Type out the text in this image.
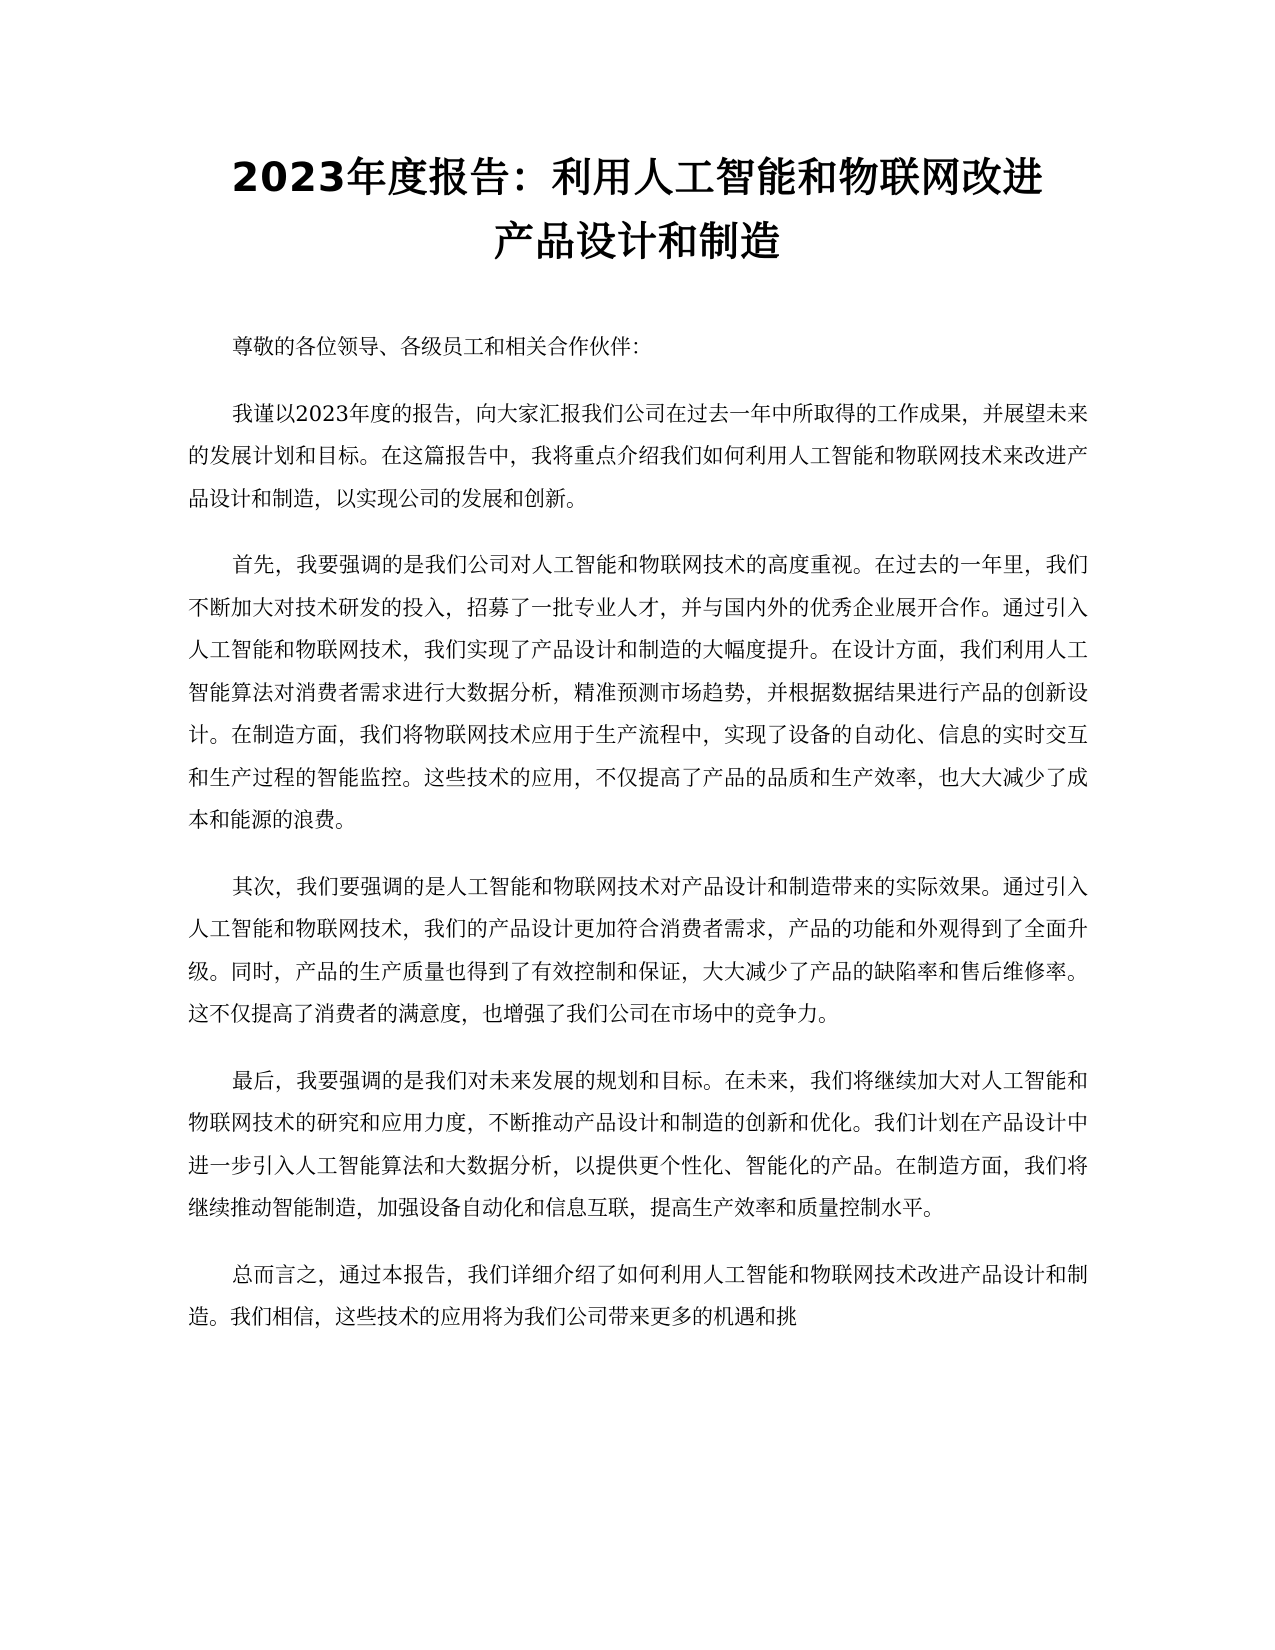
2023年度报告：利用人工智能和物联网改进
产品设计和制造

尊敬的各位领导、各级员工和相关合作伙伴：

我谨以2023年度的报告，向大家汇报我们公司在过去一年中所取得的工作成果，并展望未来的发展计划和目标。在这篇报告中，我将重点介绍我们如何利用人工智能和物联网技术来改进产品设计和制造，以实现公司的发展和创新。

首先，我要强调的是我们公司对人工智能和物联网技术的高度重视。在过去的一年里，我们不断加大对技术研发的投入，招募了一批专业人才，并与国内外的优秀企业展开合作。通过引入人工智能和物联网技术，我们实现了产品设计和制造的大幅度提升。在设计方面，我们利用人工智能算法对消费者需求进行大数据分析，精准预测市场趋势，并根据数据结果进行产品的创新设计。在制造方面，我们将物联网技术应用于生产流程中，实现了设备的自动化、信息的实时交互和生产过程的智能监控。这些技术的应用，不仅提高了产品的品质和生产效率，也大大减少了成本和能源的浪费。

其次，我们要强调的是人工智能和物联网技术对产品设计和制造带来的实际效果。通过引入人工智能和物联网技术，我们的产品设计更加符合消费者需求，产品的功能和外观得到了全面升级。同时，产品的生产质量也得到了有效控制和保证，大大减少了产品的缺陷率和售后维修率。这不仅提高了消费者的满意度，也增强了我们公司在市场中的竞争力。

最后，我要强调的是我们对未来发展的规划和目标。在未来，我们将继续加大对人工智能和物联网技术的研究和应用力度，不断推动产品设计和制造的创新和优化。我们计划在产品设计中进一步引入人工智能算法和大数据分析，以提供更个性化、智能化的产品。在制造方面，我们将继续推动智能制造，加强设备自动化和信息互联，提高生产效率和质量控制水平。

总而言之，通过本报告，我们详细介绍了如何利用人工智能和物联网技术改进产品设计和制造。我们相信，这些技术的应用将为我们公司带来更多的机遇和挑
